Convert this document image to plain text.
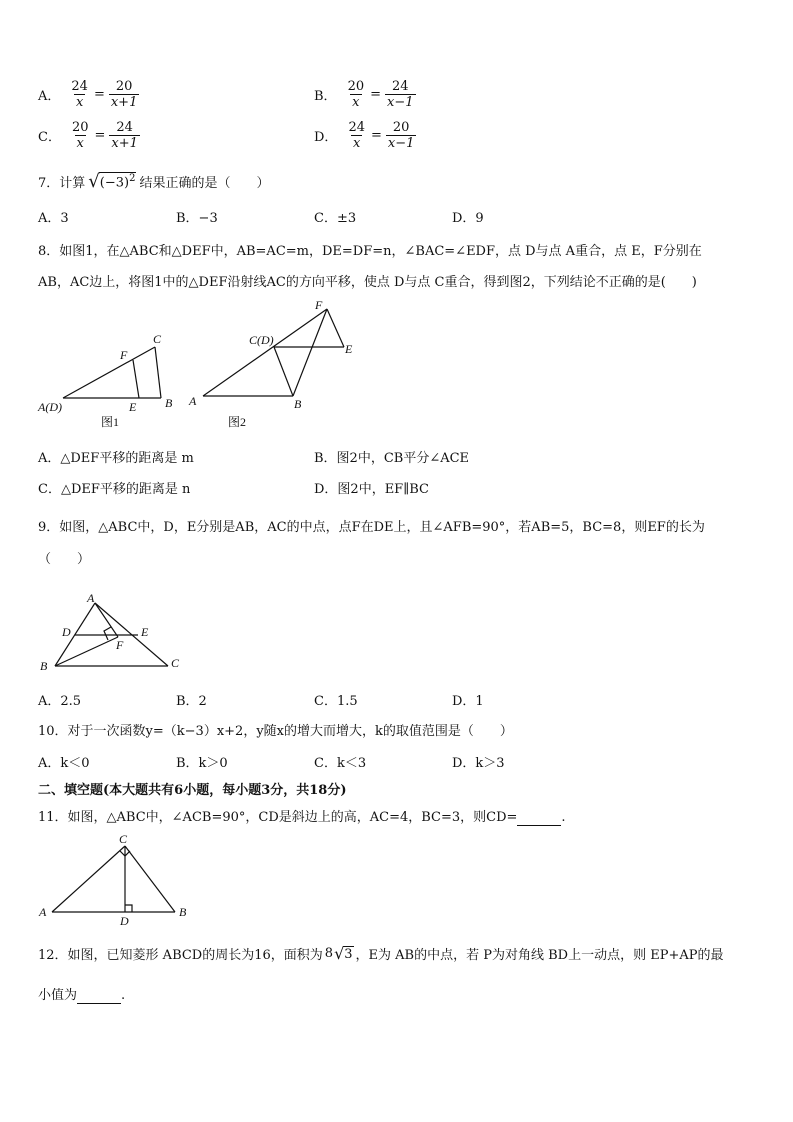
A． $\frac{24}{x} = \frac{20}{x+1}$	B． $\frac{20}{x} = \frac{24}{x-1}$
C． $\frac{20}{x} = \frac{24}{x+1}$	D． $\frac{24}{x} = \frac{20}{x-1}$
7．计算 √ $(-3)^2$ 结果正确的是（　　）
A．3	B．−3	C．±3	D．9
8．如图1，在△ABC和△DEF中，AB=AC=m，DE=DF=n，∠BAC=∠EDF，点 D与点 A重合，点 E，F分别在
AB，AC边上，将图1中的△DEF沿射线AC的方向平移，使点 D与点 C重合，得到图2，下列结论不正确的是(　　)
A(D)	E B
F
C
图1
A	B
C(D)
F
E
图2
A．△DEF平移的距离是 m	B．图2中，CB平分∠ACE
C．△DEF平移的距离是 n	D．图2中，EF∥BC
9．如图，△ABC中，D，E分别是AB，AC的中点，点F在DE上，且∠AFB=90°，若AB=5，BC=8，则EF的长为
（　　）
A
D	E
F
B	C
A．2.5	B．2	C．1.5	D．1
10．对于一次函数y=（k−3）x+2，y随x的增大而增大，k的取值范围是（　　）
A．k＜0	B．k＞0	C．k＜3	D．k＞3
二、填空题(本大题共有6小题，每小题3分，共18分)
11．如图，△ABC中，∠ACB=90°，CD是斜边上的高，AC=4，BC=3，则CD=	.
C
A
D
B
12．如图，已知菱形 ABCD的周长为16，面积为 8 √ 3 ，E为 AB的中点，若 P为对角线 BD上一动点，则 EP+AP的最
小值为	.
